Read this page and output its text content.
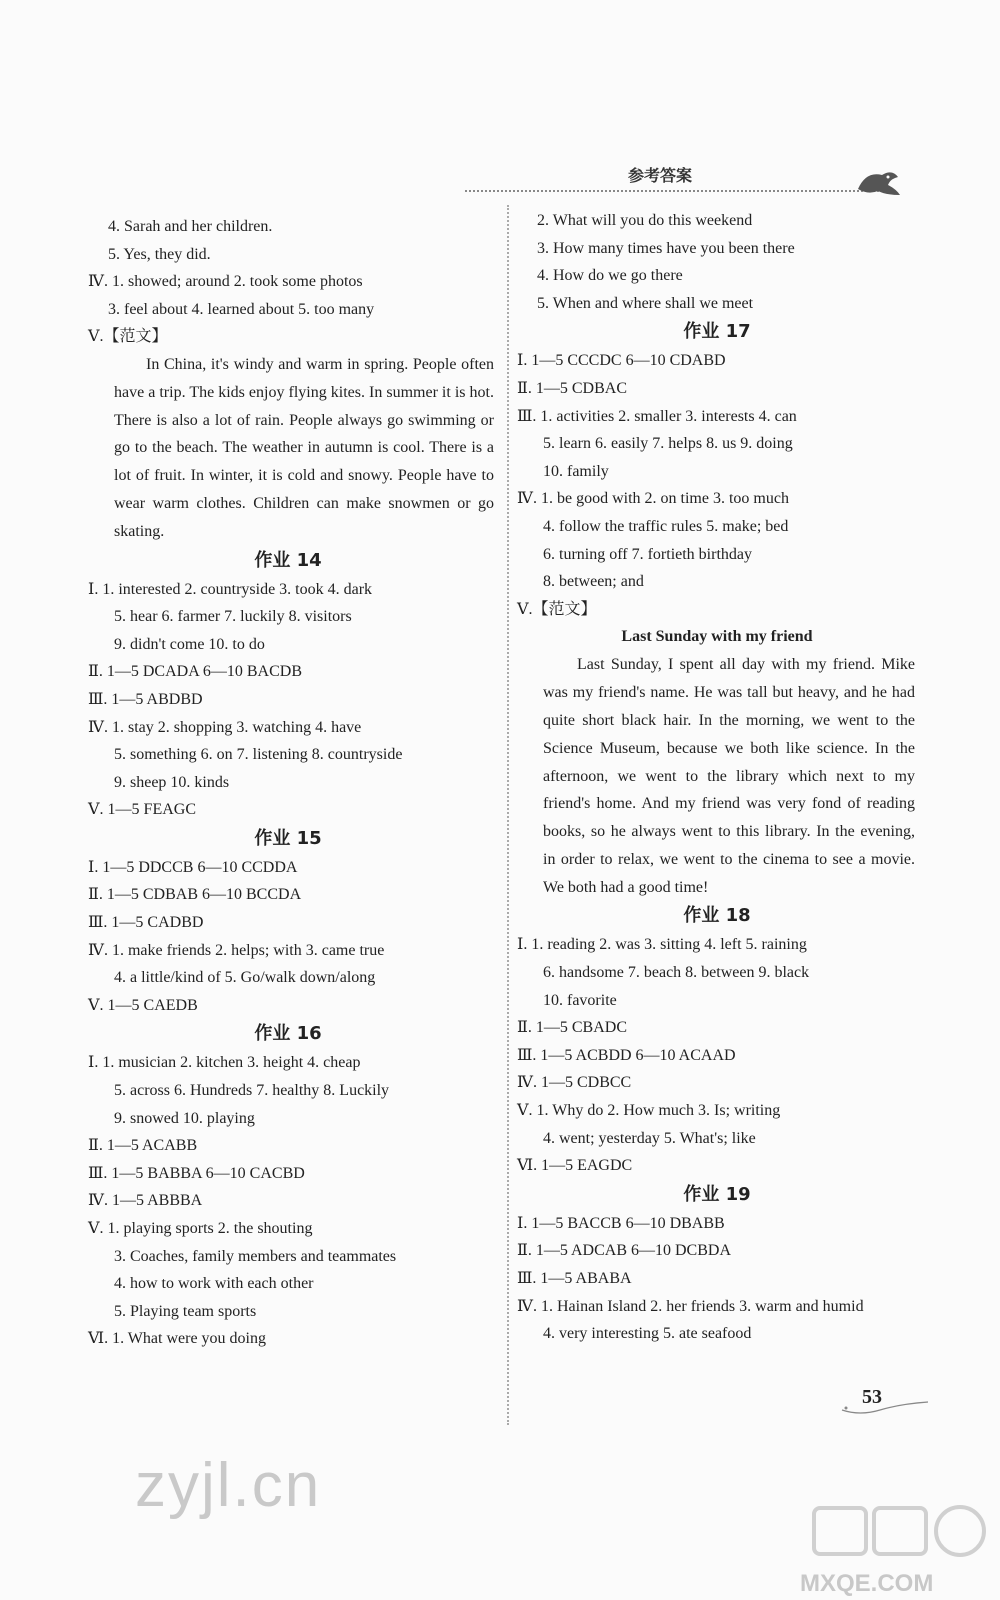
参考答案
4. Sarah and her children.
5. Yes, they did.
Ⅳ. 1. showed; around 2. took some photos
3. feel about 4. learned about 5. too many
Ⅴ.【范文】
In China, it's windy and warm in spring. People often have a trip. The kids enjoy flying kites. In summer it is hot. There is also a lot of rain. People always go swimming or go to the beach. The weather in autumn is cool. There is a lot of fruit. In winter, it is cold and snowy. People have to wear warm clothes. Children can make snowmen or go skating.
作业 14
Ⅰ. 1. interested 2. countryside 3. took 4. dark
5. hear 6. farmer 7. luckily 8. visitors
9. didn't come 10. to do
Ⅱ. 1—5 DCADA 6—10 BACDB
Ⅲ. 1—5 ABDBD
Ⅳ. 1. stay 2. shopping 3. watching 4. have
5. something 6. on 7. listening 8. countryside
9. sheep 10. kinds
Ⅴ. 1—5 FEAGC
作业 15
Ⅰ. 1—5 DDCCB 6—10 CCDDA
Ⅱ. 1—5 CDBAB 6—10 BCCDA
Ⅲ. 1—5 CADBD
Ⅳ. 1. make friends 2. helps; with 3. came true
4. a little/kind of 5. Go/walk down/along
Ⅴ. 1—5 CAEDB
作业 16
Ⅰ. 1. musician 2. kitchen 3. height 4. cheap
5. across 6. Hundreds 7. healthy 8. Luckily
9. snowed 10. playing
Ⅱ. 1—5 ACABB
Ⅲ. 1—5 BABBA 6—10 CACBD
Ⅳ. 1—5 ABBBA
Ⅴ. 1. playing sports 2. the shouting
3. Coaches, family members and teammates
4. how to work with each other
5. Playing team sports
Ⅵ. 1. What were you doing
2. What will you do this weekend
3. How many times have you been there
4. How do we go there
5. When and where shall we meet
作业 17
Ⅰ. 1—5 CCCDC 6—10 CDABD
Ⅱ. 1—5 CDBAC
Ⅲ. 1. activities 2. smaller 3. interests 4. can
5. learn 6. easily 7. helps 8. us 9. doing
10. family
Ⅳ. 1. be good with 2. on time 3. too much
4. follow the traffic rules 5. make; bed
6. turning off 7. fortieth birthday
8. between; and
Ⅴ.【范文】
Last Sunday with my friend
Last Sunday, I spent all day with my friend. Mike was my friend's name. He was tall but heavy, and he had quite short black hair. In the morning, we went to the Science Museum, because we both like science. In the afternoon, we went to the library which next to my friend's home. And my friend was very fond of reading books, so he always went to this library. In the evening, in order to relax, we went to the cinema to see a movie. We both had a good time!
作业 18
Ⅰ. 1. reading 2. was 3. sitting 4. left 5. raining
6. handsome 7. beach 8. between 9. black
10. favorite
Ⅱ. 1—5 CBADC
Ⅲ. 1—5 ACBDD 6—10 ACAAD
Ⅳ. 1—5 CDBCC
Ⅴ. 1. Why do 2. How much 3. Is; writing
4. went; yesterday 5. What's; like
Ⅵ. 1—5 EAGDC
作业 19
Ⅰ. 1—5 BACCB 6—10 DBABB
Ⅱ. 1—5 ADCAB 6—10 DCBDA
Ⅲ. 1—5 ABABA
Ⅳ. 1. Hainan Island 2. her friends 3. warm and humid
4. very interesting 5. ate seafood
53
zyjl.cn
MXQE.COM
